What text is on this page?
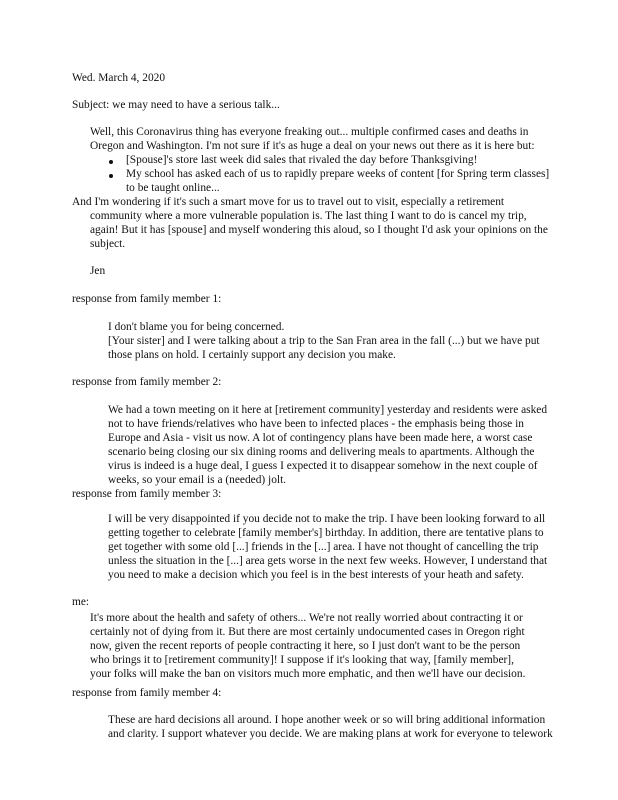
Wed. March 4, 2020
Subject: we may need to have a serious talk...
Well, this Coronavirus thing has everyone freaking out... multiple confirmed cases and deaths in
Oregon and Washington. I'm not sure if it's as huge a deal on your news out there as it is here but:
[Spouse]'s store last week did sales that rivaled the day before Thanksgiving!
My school has asked each of us to rapidly prepare weeks of content [for Spring term classes]
to be taught online...
And I'm wondering if it's such a smart move for us to travel out to visit, especially a retirement
community where a more vulnerable population is. The last thing I want to do is cancel my trip,
again! But it has [spouse] and myself wondering this aloud, so I thought I'd ask your opinions on the
subject.
Jen
response from family member 1:
I don't blame you for being concerned.
[Your sister] and I were talking about a trip to the San Fran area in the fall (...) but we have put
those plans on hold. I certainly support any decision you make.
response from family member 2:
We had a town meeting on it here at [retirement community] yesterday and residents were asked
not to have friends/relatives who have been to infected places - the emphasis being those in
Europe and Asia - visit us now. A lot of contingency plans have been made here, a worst case
scenario being closing our six dining rooms and delivering meals to apartments. Although the
virus is indeed is a huge deal, I guess I expected it to disappear somehow in the next couple of
weeks, so your email is a (needed) jolt.
response from family member 3:
I will be very disappointed if you decide not to make the trip. I have been looking forward to all
getting together to celebrate [family member's] birthday. In addition, there are tentative plans to
get together with some old [...] friends in the [...] area. I have not thought of cancelling the trip
unless the situation in the [...] area gets worse in the next few weeks. However, I understand that
you need to make a decision which you feel is in the best interests of your heath and safety.
me:
It's more about the health and safety of others... We're not really worried about contracting it or
certainly not of dying from it. But there are most certainly undocumented cases in Oregon right
now, given the recent reports of people contracting it here, so I just don't want to be the person
who brings it to [retirement community]! I suppose if it's looking that way, [family member],
your folks will make the ban on visitors much more emphatic, and then we'll have our decision.
response from family member 4:
These are hard decisions all around. I hope another week or so will bring additional information
and clarity. I support whatever you decide. We are making plans at work for everyone to telework
